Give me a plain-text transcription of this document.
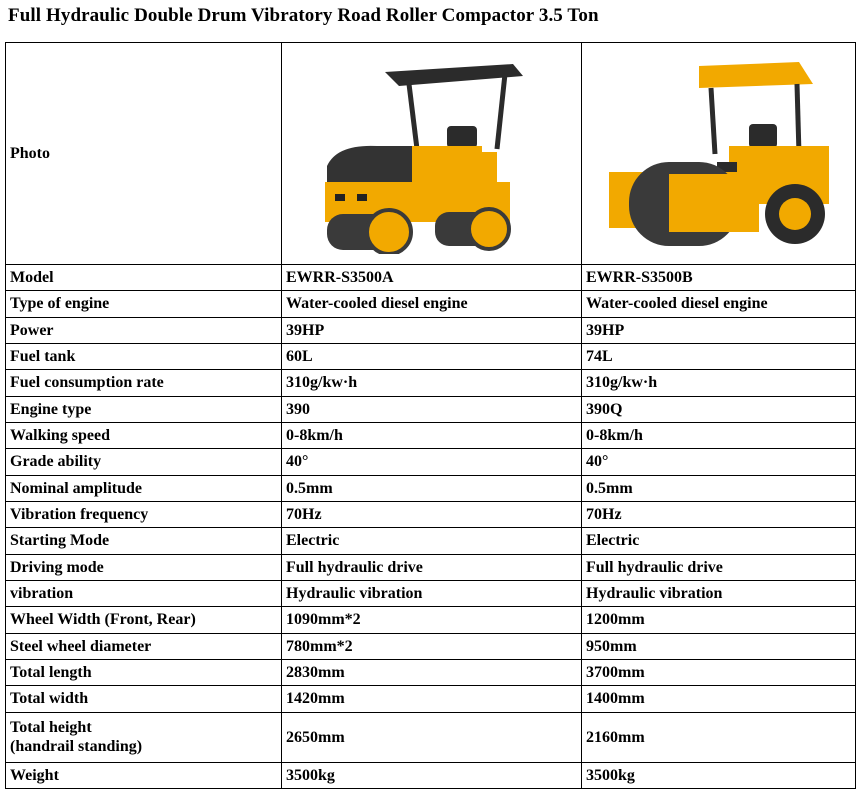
Full Hydraulic Double Drum Vibratory Road Roller Compactor 3.5 Ton
Photo	

Model	EWRR-S3500A	EWRR-S3500B
Type of engine	Water-cooled diesel engine	Water-cooled diesel engine
Power	39HP	39HP
Fuel tank	60L	74L
Fuel consumption rate	310g/kw·h	310g/kw·h
Engine type	390	390Q
Walking speed	0-8km/h	0-8km/h
Grade ability	40°	40°
Nominal amplitude	0.5mm	0.5mm
Vibration frequency	70Hz	70Hz
Starting Mode	Electric	Electric
Driving mode	Full hydraulic drive	Full hydraulic drive
vibration	Hydraulic vibration	Hydraulic vibration
Wheel Width (Front, Rear)	1090mm*2	1200mm
Steel wheel diameter	780mm*2	950mm
Total length	2830mm	3700mm
Total width	1420mm	1400mm
Total height
(handrail standing)	2650mm	2160mm
Weight	3500kg	3500kg
